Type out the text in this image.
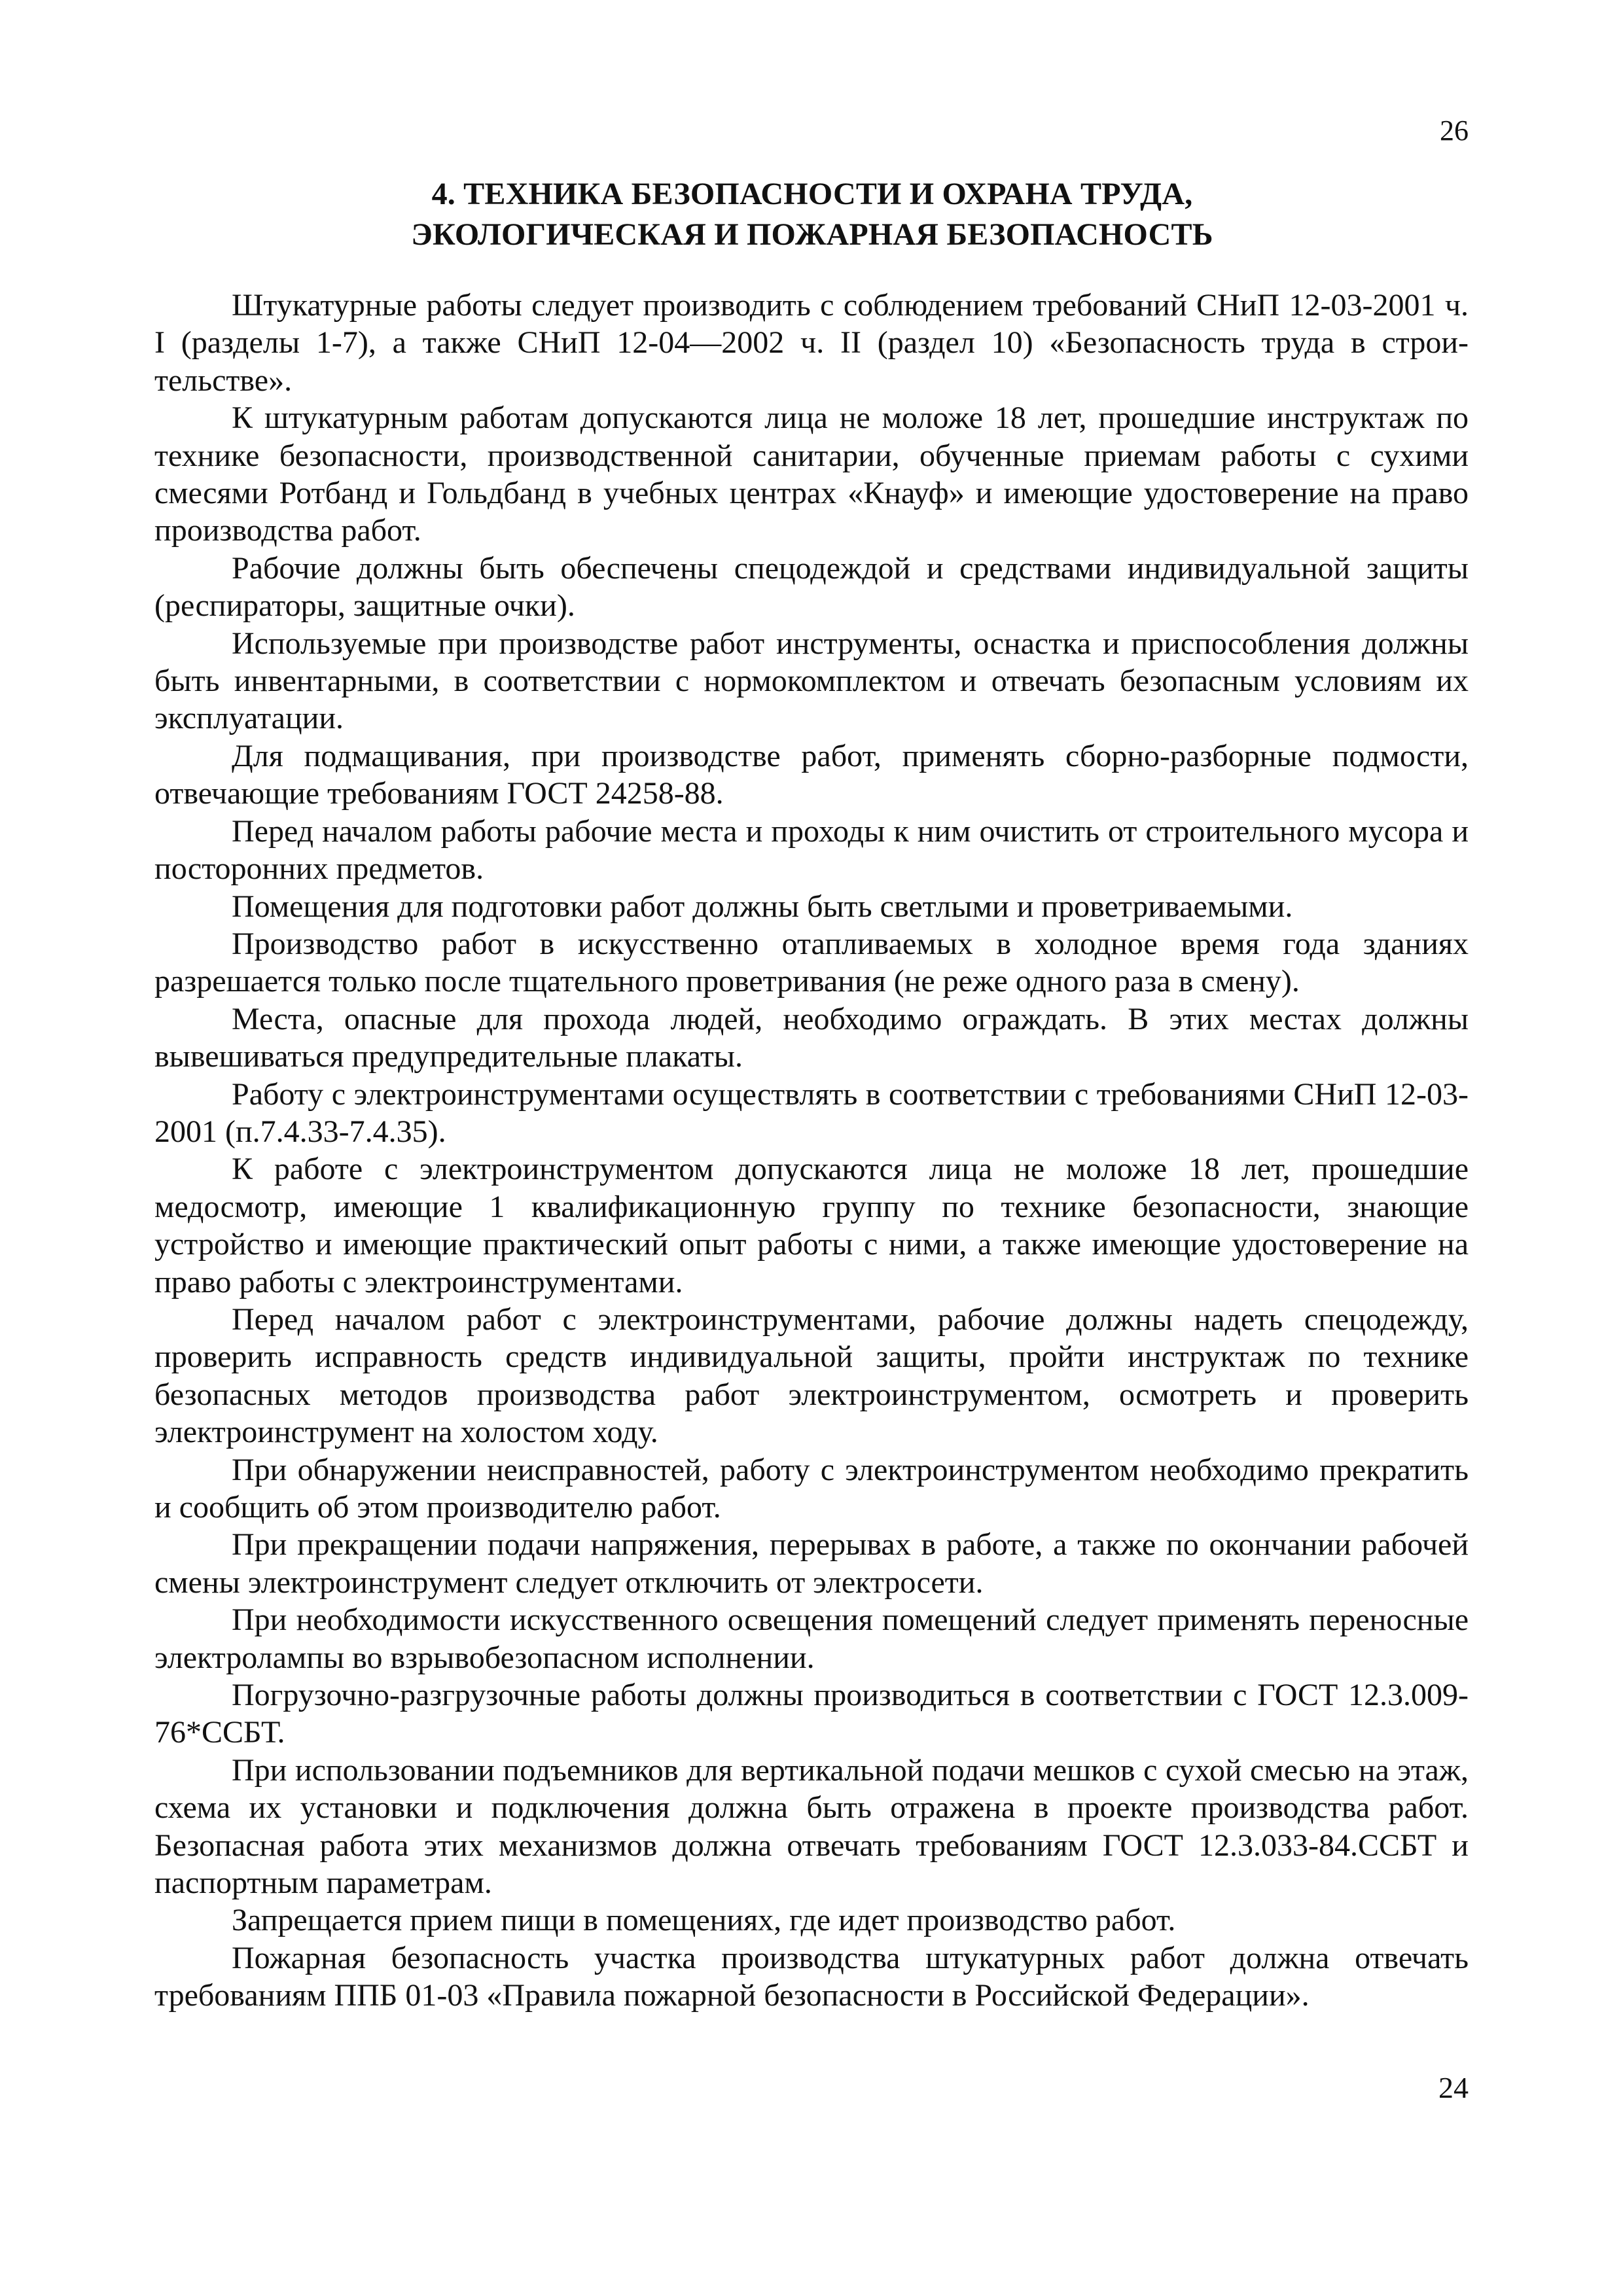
26
4. ТЕХНИКА БЕЗОПАСНОСТИ И ОХРАНА ТРУДА,
ЭКОЛОГИЧЕСКАЯ И ПОЖАРНАЯ БЕЗОПАСНОСТЬ

Штукатурные работы следует производить с соблюдением требований СНиП 12-03-2001 ч. I (разделы 1-7), а также СНиП 12-04—2002 ч. II (раздел 10) «Безопасность труда в строительстве».

К штукатурным работам допускаются лица не моложе 18 лет, прошедшие инструктаж по технике безопасности, производственной санитарии, обученные приемам работы с сухими смесями Ротбанд и Гольдбанд в учебных центрах «Кнауф» и имеющие удостоверение на право производства работ.

Рабочие должны быть обеспечены спецодеждой и средствами индивидуальной защиты (респираторы, защитные очки).

Используемые при производстве работ инструменты, оснастка и приспособления должны быть инвентарными, в соответствии с нормокомплектом и отвечать безопасным условиям их эксплуатации.

Для подмащивания, при производстве работ, применять сборно-разборные подмости, отвечающие требованиям ГОСТ 24258-88.

Перед началом работы рабочие места и проходы к ним очистить от строительного мусора и посторонних предметов.

Помещения для подготовки работ должны быть светлыми и проветриваемыми.

Производство работ в искусственно отапливаемых в холодное время года зданиях разрешается только после тщательного проветривания (не реже одного раза в смену).

Места, опасные для прохода людей, необходимо ограждать. В этих местах должны вывешиваться предупредительные плакаты.

Работу с электроинструментами осуществлять в соответствии с требованиями СНиП 12-03-2001 (п.7.4.33-7.4.35).

К работе с электроинструментом допускаются лица не моложе 18 лет, прошедшие медосмотр, имеющие 1 квалификационную группу по технике безопасности, знающие устройство и имеющие практический опыт работы с ними, а также имеющие удостоверение на право работы с электроинструментами.

Перед началом работ с электроинструментами, рабочие должны надеть спецодежду, проверить исправность средств индивидуальной защиты, пройти инструктаж по технике безопасных методов производства работ электроинструментом, осмотреть и проверить электроинструмент на холостом ходу.

При обнаружении неисправностей, работу с электроинструментом необходимо прекратить и сообщить об этом производителю работ.

При прекращении подачи напряжения, перерывах в работе, а также по окончании рабочей смены электроинструмент следует отключить от электросети.

При необходимости искусственного освещения помещений следует применять переносные электролампы во взрывобезопасном исполнении.

Погрузочно-разгрузочные работы должны производиться в соответствии с ГОСТ 12.3.009-76*ССБТ.

При использовании подъемников для вертикальной подачи мешков с сухой смесью на этаж, схема их установки и подключения должна быть отражена в проекте производства работ. Безопасная работа этих механизмов должна отвечать требованиям ГОСТ 12.3.033-84.ССБТ и паспортным параметрам.

Запрещается прием пищи в помещениях, где идет производство работ.

Пожарная безопасность участка производства штукатурных работ должна отвечать требованиям ППБ 01-03 «Правила пожарной безопасности в Российской Федерации».

24
